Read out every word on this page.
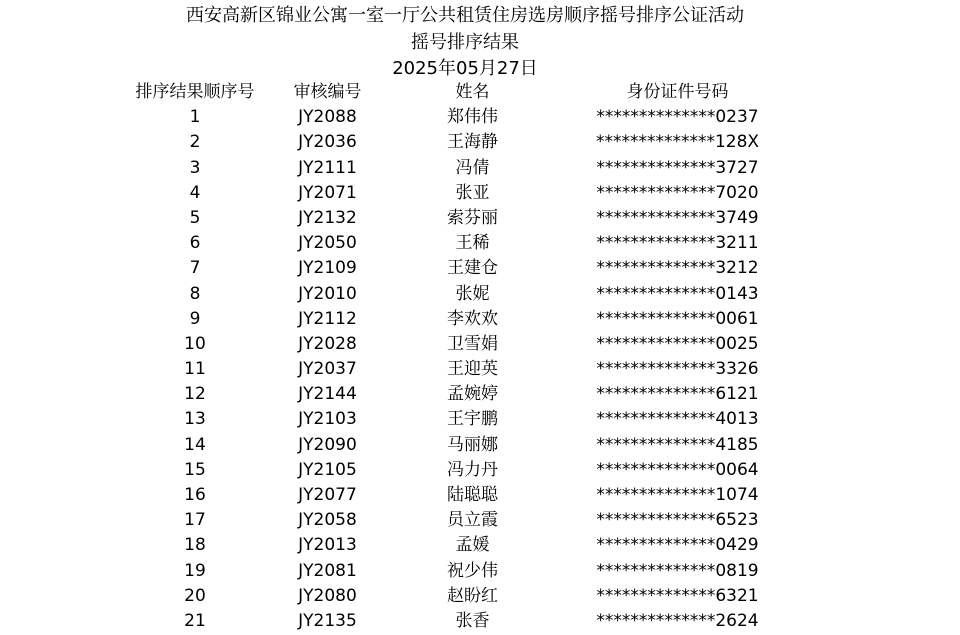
西安高新区锦业公寓一室一厅公共租赁住房选房顺序摇号排序公证活动
摇号排序结果
2025年05月27日
排序结果顺序号	审核编号	姓名	身份证件号码
1	JY2088	郑伟伟	**************0237
2	JY2036	王海静	**************128X
3	JY2111	冯倩	**************3727
4	JY2071	张亚	**************7020
5	JY2132	索芬丽	**************3749
6	JY2050	王稀	**************3211
7	JY2109	王建仓	**************3212
8	JY2010	张妮	**************0143
9	JY2112	李欢欢	**************0061
10	JY2028	卫雪娟	**************0025
11	JY2037	王迎英	**************3326
12	JY2144	孟婉婷	**************6121
13	JY2103	王宇鹏	**************4013
14	JY2090	马丽娜	**************4185
15	JY2105	冯力丹	**************0064
16	JY2077	陆聪聪	**************1074
17	JY2058	员立霞	**************6523
18	JY2013	孟媛	**************0429
19	JY2081	祝少伟	**************0819
20	JY2080	赵盼红	**************6321
21	JY2135	张香	**************2624
